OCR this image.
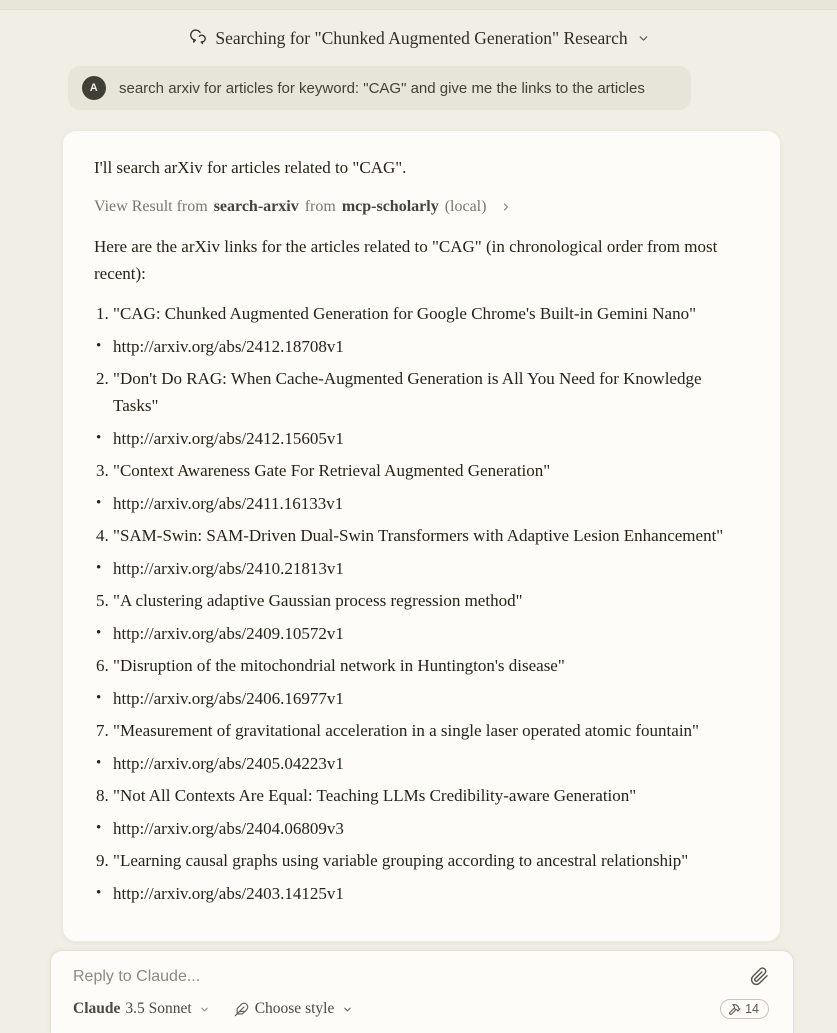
Searching for "Chunked Augmented Generation" Research
A	search arxiv for articles for keyword: "CAG" and give me the links to the articles

I'll search arXiv for articles related to "CAG".

View Result from search-arxiv from mcp-scholarly (local)

Here are the arXiv links for the articles related to "CAG" (in chronological order from most recent):

1. "CAG: Chunked Augmented Generation for Google Chrome's Built-in Gemini Nano"
• http://arxiv.org/abs/2412.18708v1
2. "Don't Do RAG: When Cache-Augmented Generation is All You Need for Knowledge Tasks"
• http://arxiv.org/abs/2412.15605v1
3. "Context Awareness Gate For Retrieval Augmented Generation"
• http://arxiv.org/abs/2411.16133v1
4. "SAM-Swin: SAM-Driven Dual-Swin Transformers with Adaptive Lesion Enhancement"
• http://arxiv.org/abs/2410.21813v1
5. "A clustering adaptive Gaussian process regression method"
• http://arxiv.org/abs/2409.10572v1
6. "Disruption of the mitochondrial network in Huntington's disease"
• http://arxiv.org/abs/2406.16977v1
7. "Measurement of gravitational acceleration in a single laser operated atomic fountain"
• http://arxiv.org/abs/2405.04223v1
8. "Not All Contexts Are Equal: Teaching LLMs Credibility-aware Generation"
• http://arxiv.org/abs/2404.06809v3
9. "Learning causal graphs using variable grouping according to ancestral relationship"
• http://arxiv.org/abs/2403.14125v1
Reply to Claude...
Claude 3.5 Sonnet	Choose style	14
